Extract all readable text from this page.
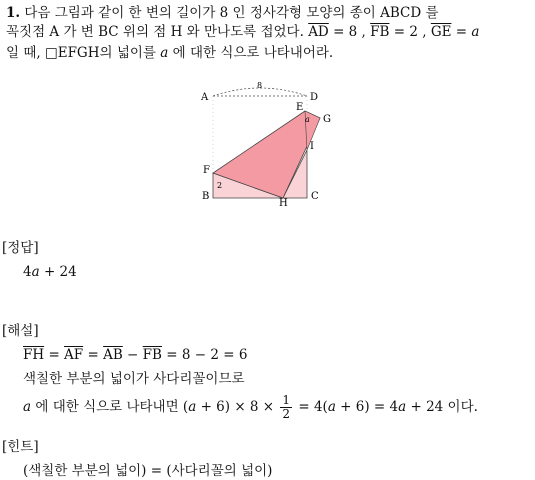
1. 다음 그림과 같이 한 변의 길이가 8 인 정사각형 모양의 종이 ABCD 를
꼭짓점 A 가 변 BC 위의 점 H 와 만나도록 접었다. $\overline{AD} = 8$ , $\overline{FB} = 2$ , $\overline{GE} = a$
일 때, □EFGH의 넓이를 a 에 대한 식으로 나타내어라.
A	D
8
E
G
a
I
F
2
B
H
C
[정답]
4a + 24
[해설]
$\overline{FH} = \overline{AF} = \overline{AB} - \overline{FB} = 8 - 2 = 6$
색칠한 부분의 넓이가 사다리꼴이므로
a 에 대한 식으로 나타내면 $(a + 6) \times 8 \times \frac{1}{2} = 4(a + 6) = 4a + 24$ 이다.
[힌트]
(색칠한 부분의 넓이) = (사다리꼴의 넓이)
